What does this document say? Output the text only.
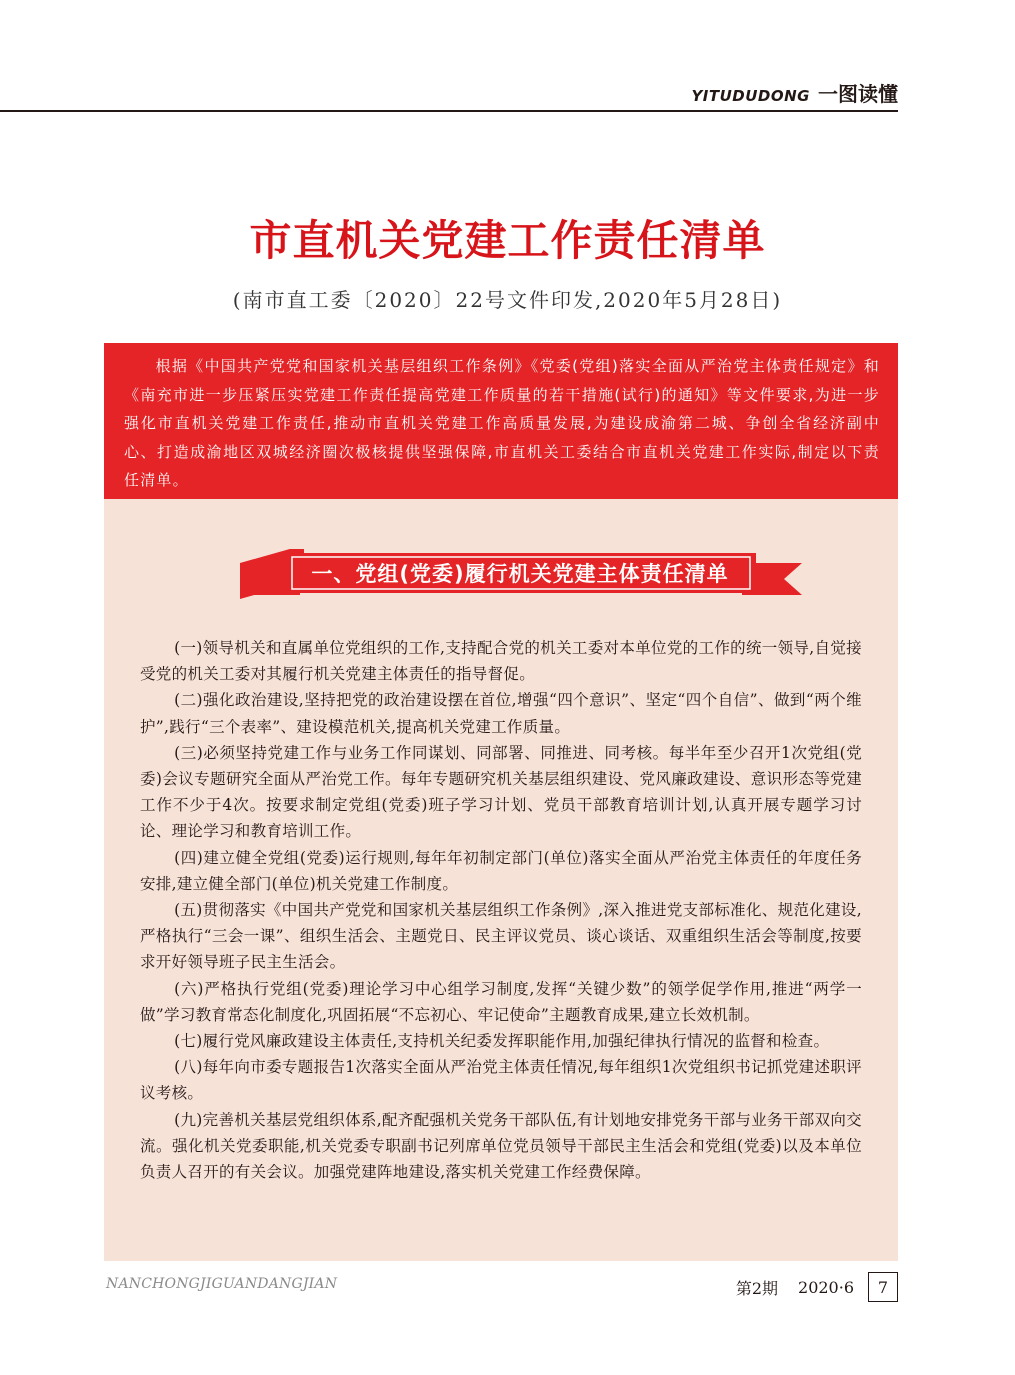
YITUDUDONG 一图读懂
市直机关党建工作责任清单
(南市直工委〔2020〕22号文件印发,2020年5月28日)

根据《中国共产党党和国家机关基层组织工作条例》《党委(党组)落实全面从严治党主体责任规定》和《南充市进一步压紧压实党建工作责任提高党建工作质量的若干措施(试行)的通知》等文件要求,为进一步强化市直机关党建工作责任,推动市直机关党建工作高质量发展,为建设成渝第二城、争创全省经济副中心、打造成渝地区双城经济圈次极核提供坚强保障,市直机关工委结合市直机关党建工作实际,制定以下责任清单。

一、党组(党委)履行机关党建主体责任清单

(一)领导机关和直属单位党组织的工作,支持配合党的机关工委对本单位党的工作的统一领导,自觉接受党的机关工委对其履行机关党建主体责任的指导督促。

(二)强化政治建设,坚持把党的政治建设摆在首位,增强“四个意识”、坚定“四个自信”、做到“两个维护”,践行“三个表率”、建设模范机关,提高机关党建工作质量。

(三)必须坚持党建工作与业务工作同谋划、同部署、同推进、同考核。每半年至少召开1次党组(党委)会议专题研究全面从严治党工作。每年专题研究机关基层组织建设、党风廉政建设、意识形态等党建工作不少于4次。按要求制定党组(党委)班子学习计划、党员干部教育培训计划,认真开展专题学习讨论、理论学习和教育培训工作。

(四)建立健全党组(党委)运行规则,每年年初制定部门(单位)落实全面从严治党主体责任的年度任务安排,建立健全部门(单位)机关党建工作制度。

(五)贯彻落实《中国共产党党和国家机关基层组织工作条例》,深入推进党支部标准化、规范化建设,严格执行“三会一课”、组织生活会、主题党日、民主评议党员、谈心谈话、双重组织生活会等制度,按要求开好领导班子民主生活会。

(六)严格执行党组(党委)理论学习中心组学习制度,发挥“关键少数”的领学促学作用,推进“两学一做”学习教育常态化制度化,巩固拓展“不忘初心、牢记使命”主题教育成果,建立长效机制。

(七)履行党风廉政建设主体责任,支持机关纪委发挥职能作用,加强纪律执行情况的监督和检查。

(八)每年向市委专题报告1次落实全面从严治党主体责任情况,每年组织1次党组织书记抓党建述职评议考核。

(九)完善机关基层党组织体系,配齐配强机关党务干部队伍,有计划地安排党务干部与业务干部双向交流。强化机关党委职能,机关党委专职副书记列席单位党员领导干部民主生活会和党组(党委)以及本单位负责人召开的有关会议。加强党建阵地建设,落实机关党建工作经费保障。

NANCHONGJIGUANDANGJIAN	第2期 2020·6	7
